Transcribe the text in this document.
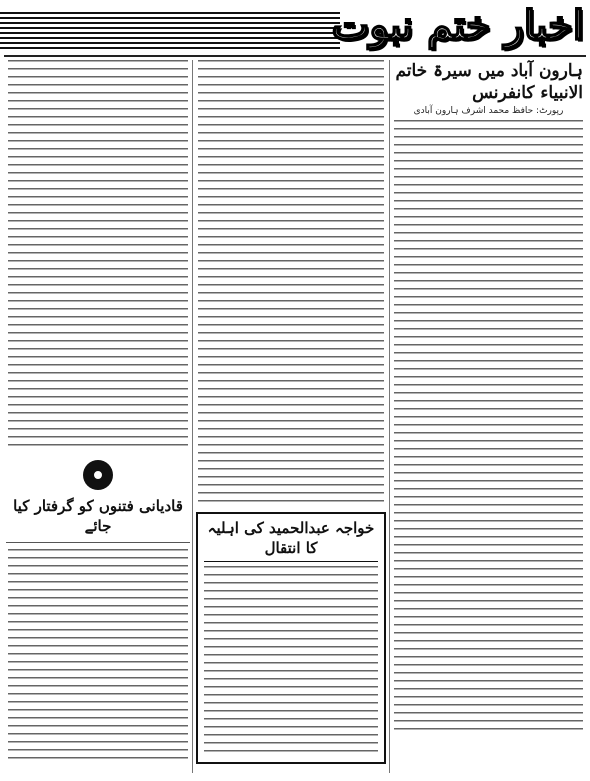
اخبار ختم نبوت
ہارون آباد میں سیرۃ خاتم الانبیاء کانفرنس
رپورٹ: حافظ محمد اشرف ہارون آبادی
خواجہ عبدالحمید کی اہلیہ کا انتقال
قادیانی فتنوں کو گرفتار کیا جائے
